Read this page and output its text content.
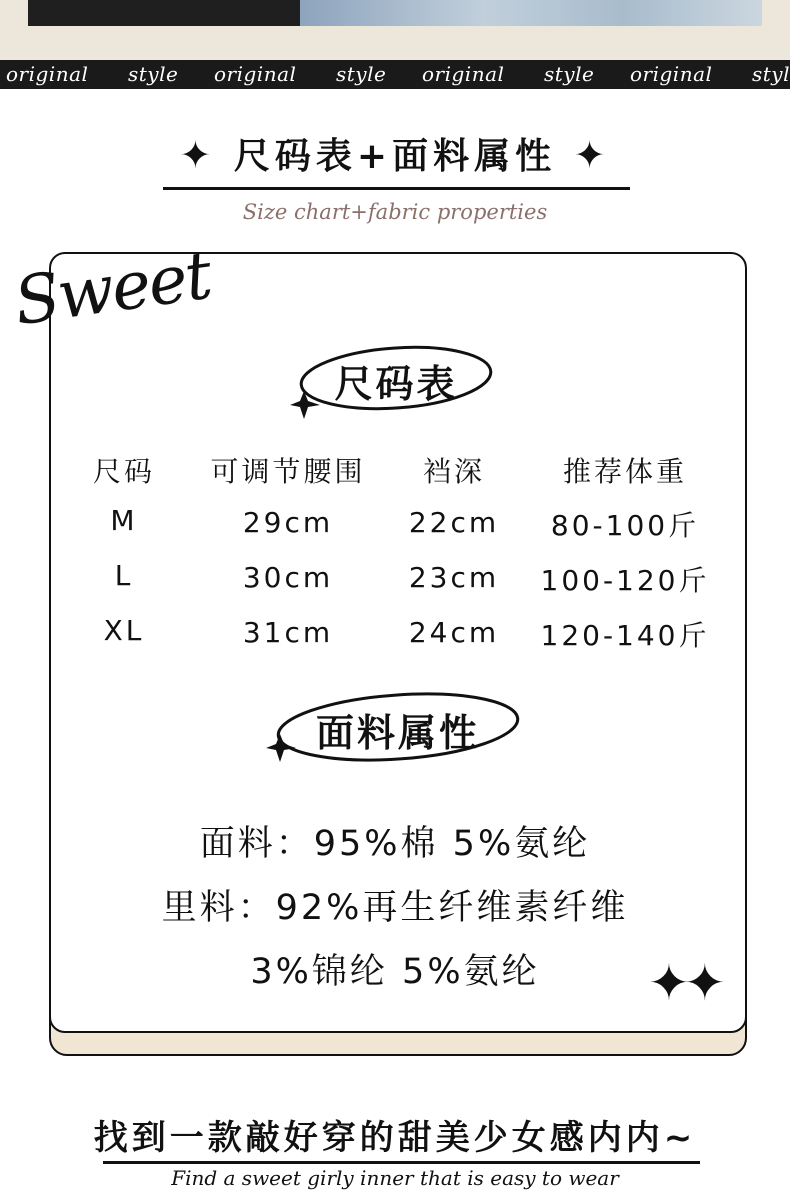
original style original style original style original style
✦ 尺码表+面料属性 ✦
Size chart+fabric properties
Sweet
尺码表
尺码	可调节腰围	裆深	推荐体重
M	29cm	22cm	80-100斤
L	30cm	23cm	100-120斤
XL	31cm	24cm	120-140斤
面料属性
面料：95%棉 5%氨纶
里料：92%再生纤维素纤维
3%锦纶 5%氨纶	✦✦
找到一款敲好穿的甜美少女感内内~
Find a sweet girly inner that is easy to wear
